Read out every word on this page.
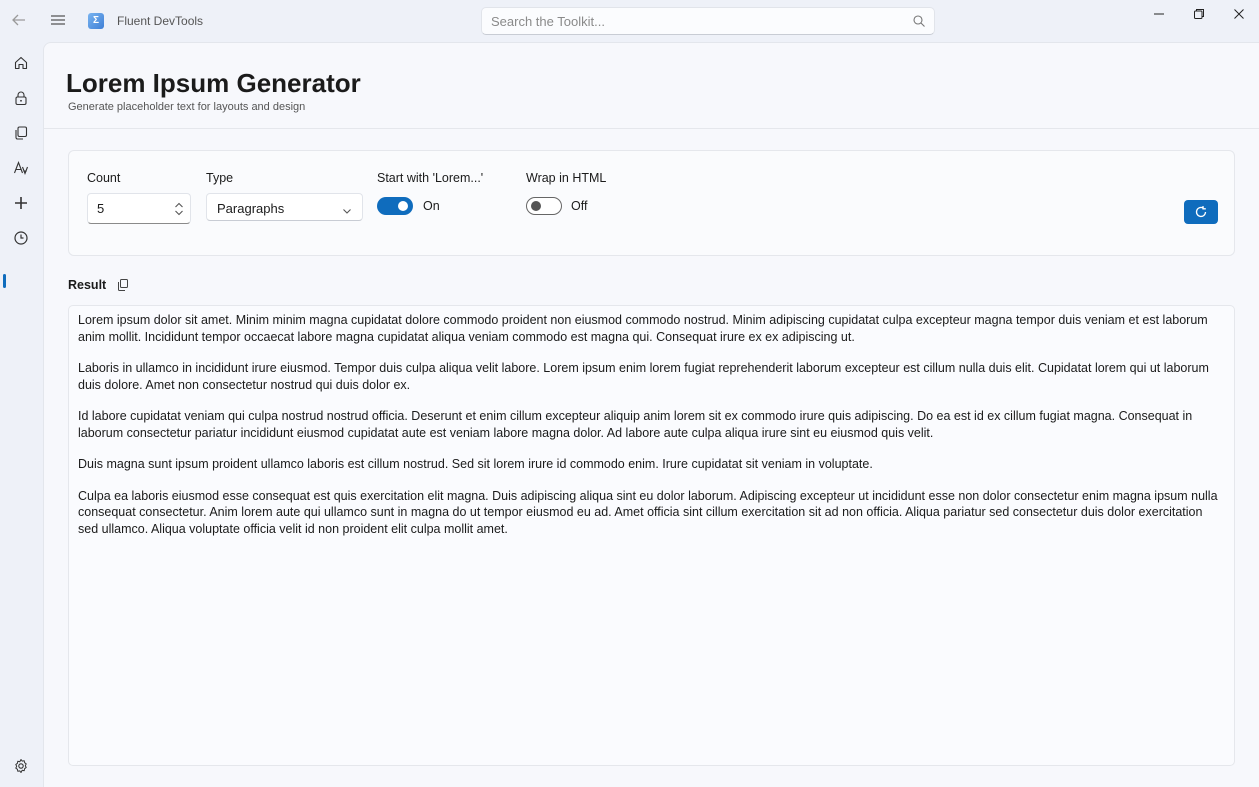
Σ	Fluent DevTools
Search the Toolkit...
Lorem Ipsum Generator
Generate placeholder text for layouts and design
Count
5	Type
Paragraphs
Start with 'Lorem...'
On
Wrap in HTML
Off
Result

Lorem ipsum dolor sit amet. Minim minim magna cupidatat dolore commodo proident non eiusmod commodo nostrud. Minim adipiscing cupidatat culpa excepteur magna tempor duis veniam et est laborum anim mollit. Incididunt tempor occaecat labore magna cupidatat aliqua veniam commodo est magna qui. Consequat irure ex ex adipiscing ut.

Laboris in ullamco in incididunt irure eiusmod. Tempor duis culpa aliqua velit labore. Lorem ipsum enim lorem fugiat reprehenderit laborum excepteur est cillum nulla duis elit. Cupidatat lorem qui ut laborum duis dolore. Amet non consectetur nostrud qui duis dolor ex.

Id labore cupidatat veniam qui culpa nostrud nostrud officia. Deserunt et enim cillum excepteur aliquip anim lorem sit ex commodo irure quis adipiscing. Do ea est id ex cillum fugiat magna. Consequat in laborum consectetur pariatur incididunt eiusmod cupidatat aute est veniam labore magna dolor. Ad labore aute culpa aliqua irure sint eu eiusmod quis velit.

Duis magna sunt ipsum proident ullamco laboris est cillum nostrud. Sed sit lorem irure id commodo enim. Irure cupidatat sit veniam in voluptate.

Culpa ea laboris eiusmod esse consequat est quis exercitation elit magna. Duis adipiscing aliqua sint eu dolor laborum. Adipiscing excepteur ut incididunt esse non dolor consectetur enim magna ipsum nulla consequat consectetur. Anim lorem aute qui ullamco sunt in magna do ut tempor eiusmod eu ad. Amet officia sint cillum exercitation sit ad non officia. Aliqua pariatur sed consectetur duis dolor exercitation sed ullamco. Aliqua voluptate officia velit id non proident elit culpa mollit amet.
